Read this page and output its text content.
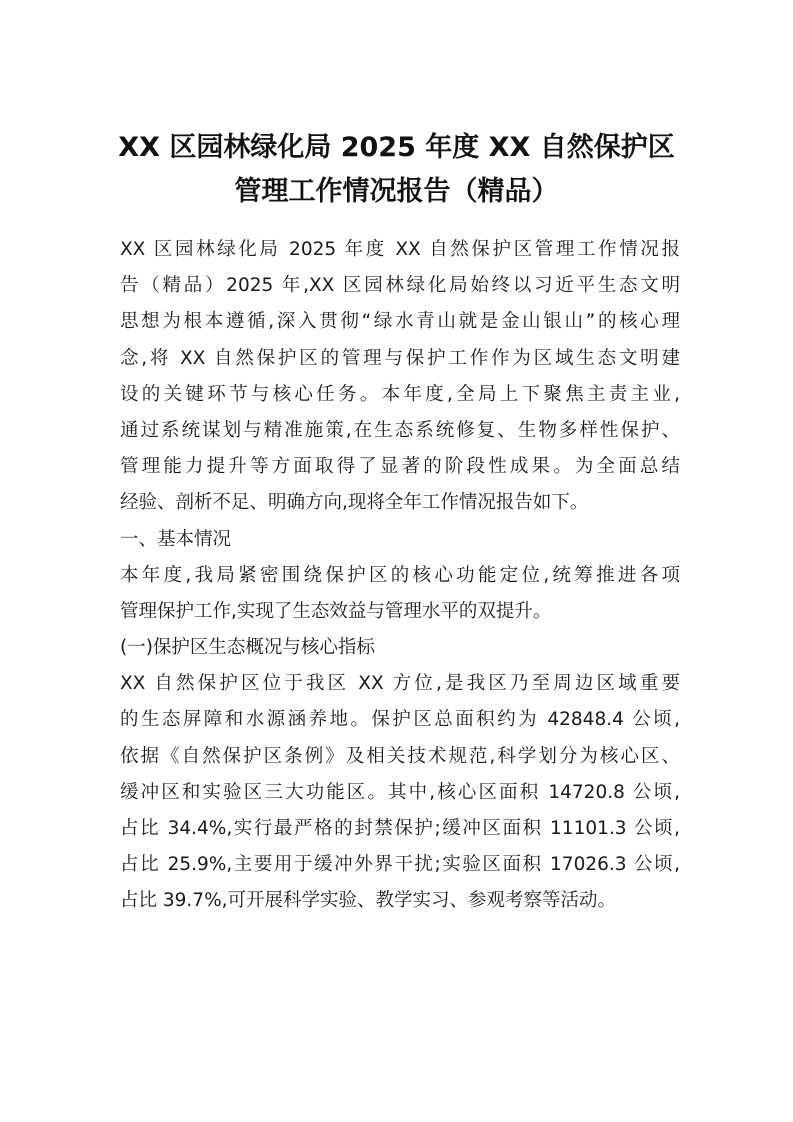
XX 区园林绿化局 2025 年度 XX 自然保护区
管理工作情况报告（精品）
XX 区园林绿化局 2025 年度 XX 自然保护区管理工作情况报
告（精品）2025 年,XX 区园林绿化局始终以习近平生态文明
思想为根本遵循,深入贯彻“绿水青山就是金山银山”的核心理
念,将 XX 自然保护区的管理与保护工作作为区域生态文明建
设的关键环节与核心任务。本年度,全局上下聚焦主责主业,
通过系统谋划与精准施策,在生态系统修复、生物多样性保护、
管理能力提升等方面取得了显著的阶段性成果。为全面总结
经验、剖析不足、明确方向,现将全年工作情况报告如下。
一、基本情况
本年度,我局紧密围绕保护区的核心功能定位,统筹推进各项
管理保护工作,实现了生态效益与管理水平的双提升。
(一)保护区生态概况与核心指标
XX 自然保护区位于我区 XX 方位,是我区乃至周边区域重要
的生态屏障和水源涵养地。保护区总面积约为 42848.4 公顷,
依据《自然保护区条例》及相关技术规范,科学划分为核心区、
缓冲区和实验区三大功能区。其中,核心区面积 14720.8 公顷,
占比 34.4%,实行最严格的封禁保护;缓冲区面积 11101.3 公顷,
占比 25.9%,主要用于缓冲外界干扰;实验区面积 17026.3 公顷,
占比 39.7%,可开展科学实验、教学实习、参观考察等活动。
